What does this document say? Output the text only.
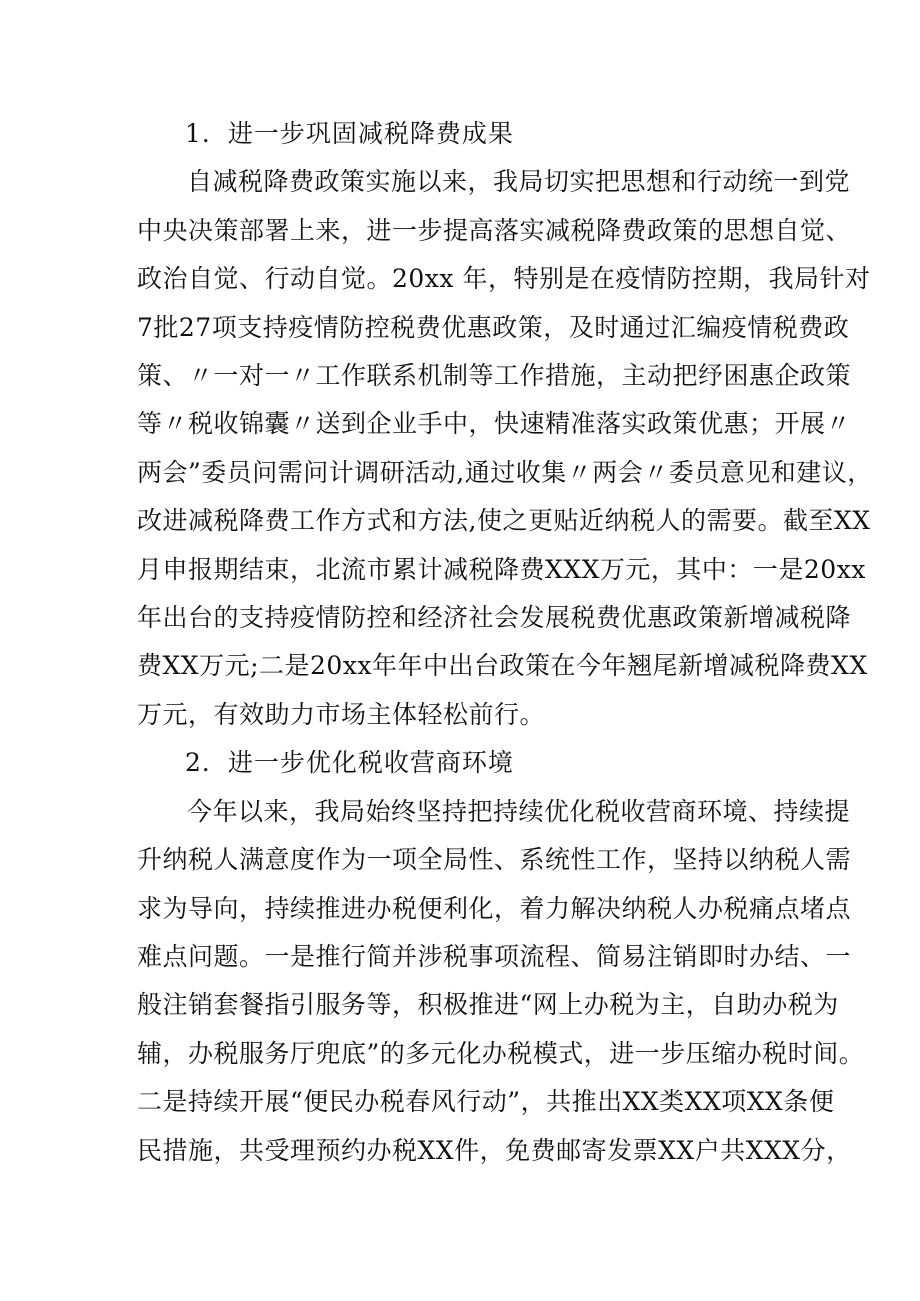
1．进一步巩固减税降费成果

自减税降费政策实施以来，我局切实把思想和行动统一到党

中央决策部署上来，进一步提高落实减税降费政策的思想自觉、

政治自觉、行动自觉。20xx 年，特别是在疫情防控期，我局针对

7批27项支持疫情防控税费优惠政策，及时通过汇编疫情税费政

策、〃一对一〃工作联系机制等工作措施，主动把纾困惠企政策

等〃税收锦囊〃送到企业手中，快速精准落实政策优惠；开展〃

两会”委员问需问计调研活动,通过收集〃两会〃委员意见和建议，

改进减税降费工作方式和方法,使之更贴近纳税人的需要。截至XX

月申报期结束，北流市累计减税降费XXX万元，其中：一是20xx

年出台的支持疫情防控和经济社会发展税费优惠政策新增减税降

费XX万元;二是20xx年年中出台政策在今年翘尾新增减税降费XX

万元，有效助力市场主体轻松前行。

2．进一步优化税收营商环境

今年以来，我局始终坚持把持续优化税收营商环境、持续提

升纳税人满意度作为一项全局性、系统性工作，坚持以纳税人需

求为导向，持续推进办税便利化，着力解决纳税人办税痛点堵点

难点问题。一是推行简并涉税事项流程、简易注销即时办结、一

般注销套餐指引服务等，积极推进“网上办税为主，自助办税为

辅，办税服务厅兜底”的多元化办税模式，进一步压缩办税时间。

二是持续开展“便民办税春风行动”，共推出XX类XX项XX条便

民措施，共受理预约办税XX件，免费邮寄发票XX户共XXX分，
